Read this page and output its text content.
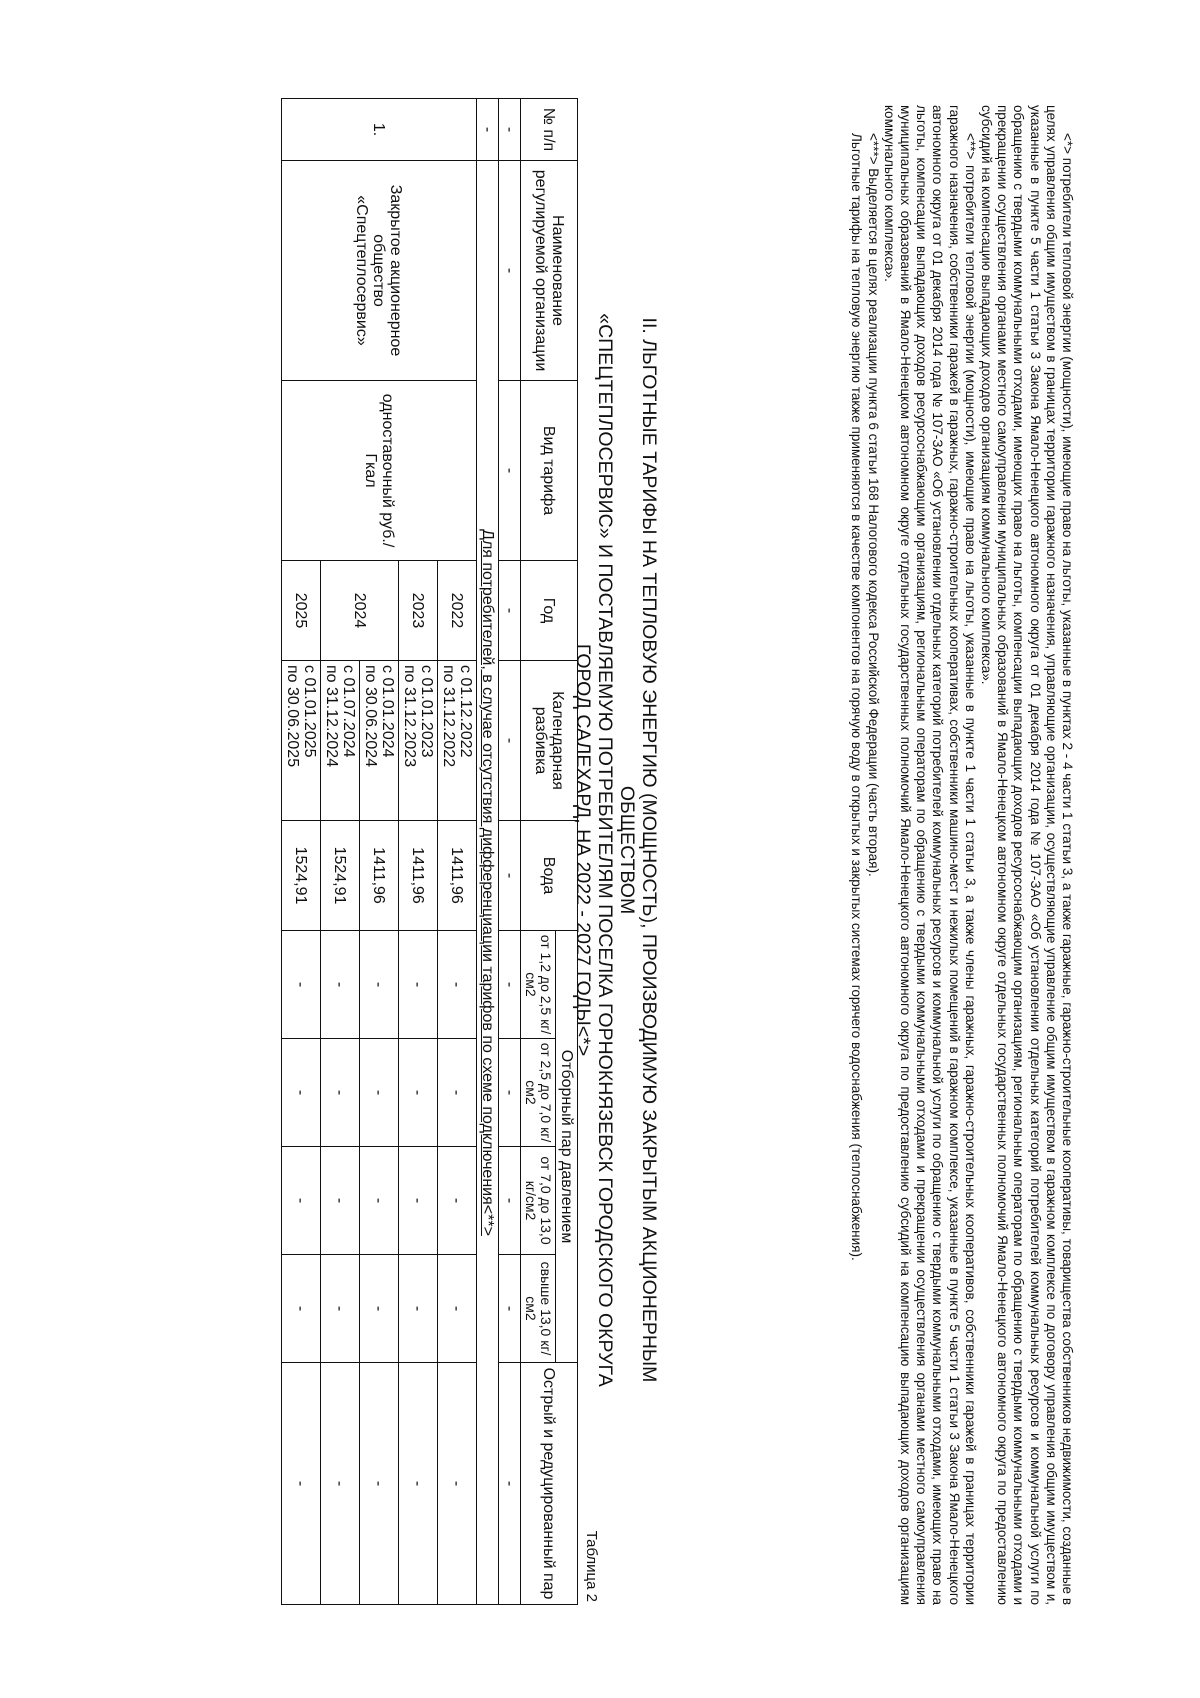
<*> потребители тепловой энергии (мощности), имеющие право на льготы, указанные в пунктах 2 - 4 части 1 статьи 3, а также гаражные, гаражно-строительные кооперативы, товарищества собственников недвижимости, созданные в целях управления общим имуществом в границах территории гаражного назначения, управляющие организации, осуществляющие управление общим имуществом в гаражном комплексе по договору управления общим имуществом и, указанные в пункте 5 части 1 статьи 3 Закона Ямало-Ненецкого автономного округа от 01 декабря 2014 года № 107-ЗАО «Об установлении отдельных категорий потребителей коммунальных ресурсов и коммунальной услуги по обращению с твердыми коммунальными отходами, имеющих право на льготы, компенсации выпадающих доходов ресурсоснабжающим организациям, региональным операторам по обращению с твердыми коммунальными отходами и прекращении осуществления органами местного самоуправления муниципальных образований в Ямало-Ненецком автономном округе отдельных государственных полномочий Ямало-Ненецкого автономного округа по предоставлению субсидий на компенсацию выпадающих доходов организациям коммунального комплекса».

<**> потребители тепловой энергии (мощности), имеющие право на льготы, указанные в пункте 1 части 1 статьи 3, а также члены гаражных, гаражно-строительных кооперативов, собственники гаражей в границах территории гаражного назначения, собственники гаражей в гаражных, гаражно-строительных кооперативах, собственники машино-мест и нежилых помещений в гаражном комплексе, указанные в пункте 5 части 1 статьи 3 Закона Ямало-Ненецкого автономного округа от 01 декабря 2014 года № 107-ЗАО «Об установлении отдельных категорий потребителей коммунальных ресурсов и коммунальной услуги по обращению с твердыми коммунальными отходами, имеющих право на льготы, компенсации выпадающих доходов ресурсоснабжающим организациям, региональным операторам по обращению с твердыми коммунальными отходами и прекращении осуществления органами местного самоуправления муниципальных образований в Ямало-Ненецком автономном округе отдельных государственных полномочий Ямало-Ненецкого автономного округа по предоставлению субсидий на компенсацию выпадающих доходов организациям коммунального комплекса».

<***> Выделяется в целях реализации пункта 6 статьи 168 Налогового кодекса Российской Федерации (часть вторая).

Льготные тарифы на тепловую энергию также применяются в качестве компонентов на горячую воду в открытых и закрытых системах горячего водоснабжения (теплоснабжения).

II. ЛЬГОТНЫЕ ТАРИФЫ НА ТЕПЛОВУЮ ЭНЕРГИЮ (МОЩНОСТЬ), ПРОИЗВОДИМУЮ ЗАКРЫТЫМ АКЦИОНЕРНЫМ ОБЩЕСТВОМ
«СПЕЦТЕПЛОСЕРВИС» И ПОСТАВЛЯЕМУЮ ПОТРЕБИТЕЛЯМ ПОСЕЛКА ГОРНОКНЯЗЕВСК ГОРОДСКОГО ОКРУГА
ГОРОД САЛЕХАРД, НА 2022 - 2027 ГОДЫ<*>
Таблица 2
№ п/п	Наименование регулируемой организации	Вид тарифа	Год	Календарная разбивка	Вода	Отборный пар давлением				Острый и редуцированный пар
						от 1,2 до 2,5 кг/см2	от 2,5 до 7,0 кг/см2	от 7,0 до 13,0 кг/см2	свыше 13,0 кг/см2	
-	-	-	-	-	-	-	-	-	-	-
-	Для потребителей, в случае отсутствия дифференциации тарифов по схеме подключения<**>									
1.	Закрытое акционерное общество «Спецтеплосервис»	одноставочный руб./Гкал	2022	с 01.12.2022
по 31.12.2022	1411,96	-	-	-	-	-
			2023	с 01.01.2023
по 31.12.2023	1411,96	-	-	-	-	-
			2024	с 01.01.2024
по 30.06.2024	1411,96	-	-	-	-	-
				с 01.07.2024
по 31.12.2024	1524,91	-	-	-	-	-
			2025	с 01.01.2025
по 30.06.2025	1524,91	-	-	-	-	-
